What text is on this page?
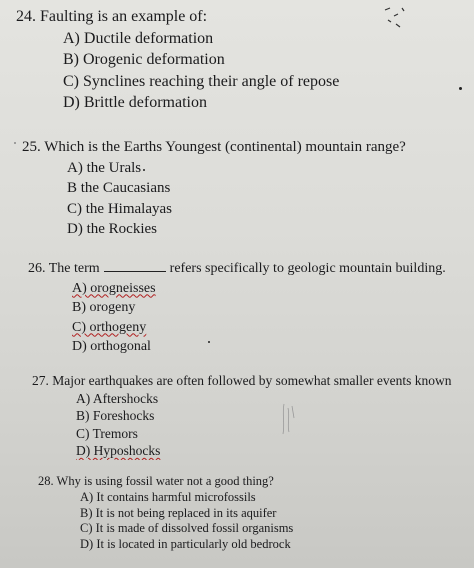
24. Faulting is an example of:
A) Ductile deformation
B) Orogenic deformation
C) Synclines reaching their angle of repose
D) Brittle deformation
25. Which is the Earths Youngest (continental) mountain range?
A) the Urals
B the Caucasians
C) the Himalayas
D) the Rockies
26. The term	refers specifically to geologic mountain building.
A) orogneisses
B) orogeny
C) orthogeny
D) orthogonal
27. Major earthquakes are often followed by somewhat smaller events known
A) Aftershocks
B) Foreshocks
C) Tremors
D) Hyposhocks
28. Why is using fossil water not a good thing?
A) It contains harmful microfossils
B) It is not being replaced in its aquifer
C) It is made of dissolved fossil organisms
D) It is located in particularly old bedrock
